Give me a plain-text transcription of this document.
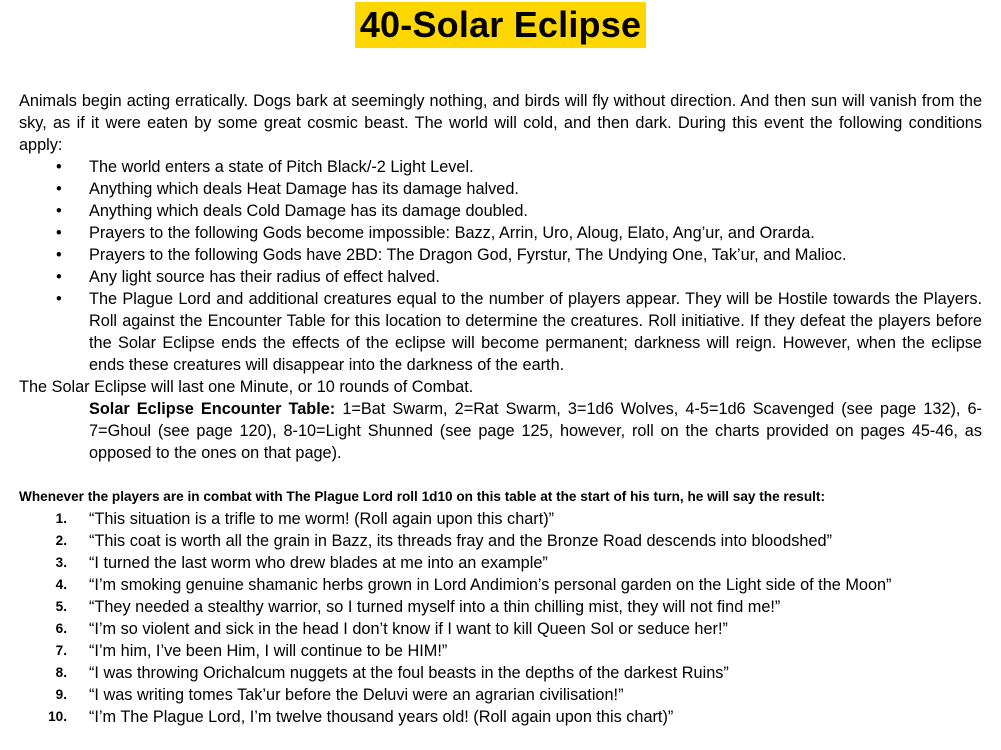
40-Solar Eclipse

Animals begin acting erratically. Dogs bark at seemingly nothing, and birds will fly without direction. And then sun will vanish from the sky, as if it were eaten by some great cosmic beast. The world will cold, and then dark. During this event the following conditions apply:

• The world enters a state of Pitch Black/-2 Light Level.
• Anything which deals Heat Damage has its damage halved.
• Anything which deals Cold Damage has its damage doubled.
• Prayers to the following Gods become impossible: Bazz, Arrin, Uro, Aloug, Elato, Ang’ur, and Orarda.
• Prayers to the following Gods have 2BD: The Dragon God, Fyrstur, The Undying One, Tak’ur, and Malioc.
• Any light source has their radius of effect halved.
• The Plague Lord and additional creatures equal to the number of players appear. They will be Hostile towards the Players. Roll against the Encounter Table for this location to determine the creatures. Roll initiative. If they defeat the players before the Solar Eclipse ends the effects of the eclipse will become permanent; darkness will reign. However, when the eclipse ends these creatures will disappear into the darkness of the earth.

The Solar Eclipse will last one Minute, or 10 rounds of Combat.

Solar Eclipse Encounter Table: 1=Bat Swarm, 2=Rat Swarm, 3=1d6 Wolves, 4-5=1d6 Scavenged (see page 132), 6-7=Ghoul (see page 120), 8-10=Light Shunned (see page 125, however, roll on the charts provided on pages 45-46, as opposed to the ones on that page).

Whenever the players are in combat with The Plague Lord roll 1d10 on this table at the start of his turn, he will say the result:
1. “This situation is a trifle to me worm! (Roll again upon this chart)”
2. “This coat is worth all the grain in Bazz, its threads fray and the Bronze Road descends into bloodshed”
3. “I turned the last worm who drew blades at me into an example”
4. “I’m smoking genuine shamanic herbs grown in Lord Andimion’s personal garden on the Light side of the Moon”
5. “They needed a stealthy warrior, so I turned myself into a thin chilling mist, they will not find me!”
6. “I’m so violent and sick in the head I don’t know if I want to kill Queen Sol or seduce her!”
7. “I’m him, I’ve been Him, I will continue to be HIM!”
8. “I was throwing Orichalcum nuggets at the foul beasts in the depths of the darkest Ruins”
9. “I was writing tomes Tak’ur before the Deluvi were an agrarian civilisation!”
10. “I’m The Plague Lord, I’m twelve thousand years old! (Roll again upon this chart)”
